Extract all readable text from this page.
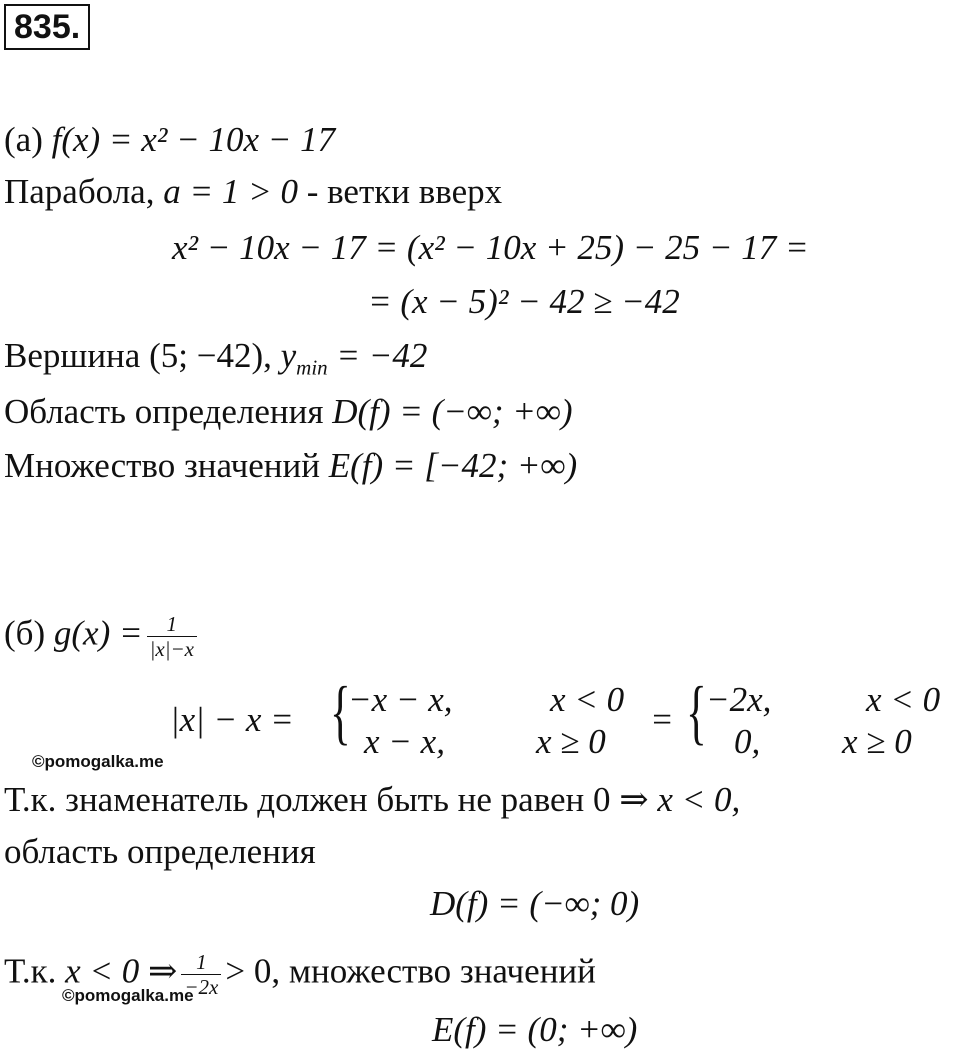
835.
(а) f(x) = x² − 10x − 17
Парабола, a = 1 > 0 - ветки вверх
x² − 10x − 17 = (x² − 10x + 25) − 25 − 17 =
= (x − 5)² − 42 ≥ −42
Вершина (5; −42), $y_{min} = -42$
Область определения D(f) = (−∞; +∞)
Множество значений E(f) = [−42; +∞)
(б) $g(x) = \frac{1}{|x|-x}$
|x| − x = {
−x − x,	x < 0
x − x,	x ≥ 0
= { −2x,	x < 0
0, x ≥ 0
©pomogalka.me
Т.к. знаменатель должен быть не равен 0 ⇒ x < 0,
область определения
D(f) = (−∞; 0)
Т.к. x < 0 ⇒ $\frac{1}{-2x} > 0$, множество значений
©pomogalka.me
E(f) = (0; +∞)
